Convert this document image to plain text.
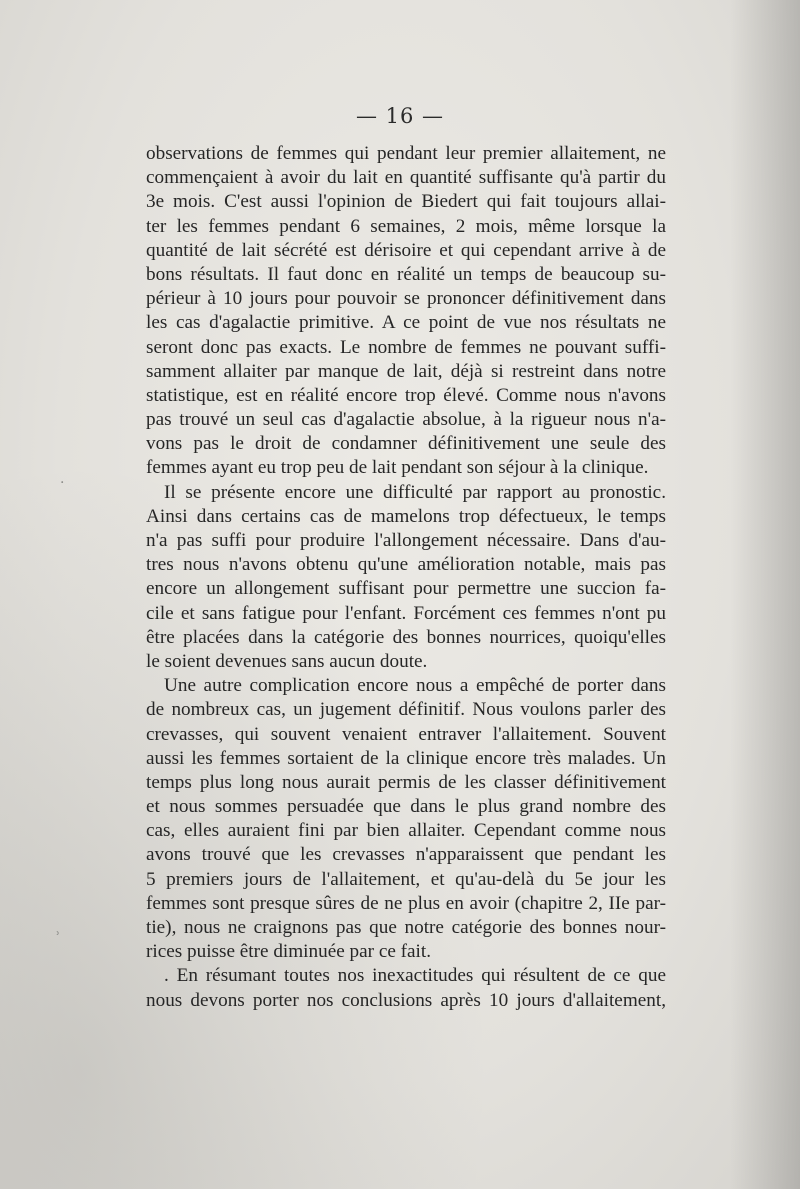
— 16 —
observations de femmes qui pendant leur premier allaitement, ne
commençaient à avoir du lait en quantité suffisante qu'à partir du
3e mois. C'est aussi l'opinion de Biedert qui fait toujours allai-
ter les femmes pendant 6 semaines, 2 mois, même lorsque la
quantité de lait sécrété est dérisoire et qui cependant arrive à de
bons résultats. Il faut donc en réalité un temps de beaucoup su-
périeur à 10 jours pour pouvoir se prononcer définitivement dans
les cas d'agalactie primitive. A ce point de vue nos résultats ne
seront donc pas exacts. Le nombre de femmes ne pouvant suffi-
samment allaiter par manque de lait, déjà si restreint dans notre
statistique, est en réalité encore trop élevé. Comme nous n'avons
pas trouvé un seul cas d'agalactie absolue, à la rigueur nous n'a-
vons pas le droit de condamner définitivement une seule des
femmes ayant eu trop peu de lait pendant son séjour à la clinique.
Il se présente encore une difficulté par rapport au pronostic.
Ainsi dans certains cas de mamelons trop défectueux, le temps
n'a pas suffi pour produire l'allongement nécessaire. Dans d'au-
tres nous n'avons obtenu qu'une amélioration notable, mais pas
encore un allongement suffisant pour permettre une succion fa-
cile et sans fatigue pour l'enfant. Forcément ces femmes n'ont pu
être placées dans la catégorie des bonnes nourrices, quoiqu'elles
le soient devenues sans aucun doute.
Une autre complication encore nous a empêché de porter dans
de nombreux cas, un jugement définitif. Nous voulons parler des
crevasses, qui souvent venaient entraver l'allaitement. Souvent
aussi les femmes sortaient de la clinique encore très malades. Un
temps plus long nous aurait permis de les classer définitivement
et nous sommes persuadée que dans le plus grand nombre des
cas, elles auraient fini par bien allaiter. Cependant comme nous
avons trouvé que les crevasses n'apparaissent que pendant les
5 premiers jours de l'allaitement, et qu'au-delà du 5e jour les
femmes sont presque sûres de ne plus en avoir (chapitre 2, IIe par-
tie), nous ne craignons pas que notre catégorie des bonnes nour-
rices puisse être diminuée par ce fait.
. En résumant toutes nos inexactitudes qui résultent de ce que
nous devons porter nos conclusions après 10 jours d'allaitement,
·
ʾ
